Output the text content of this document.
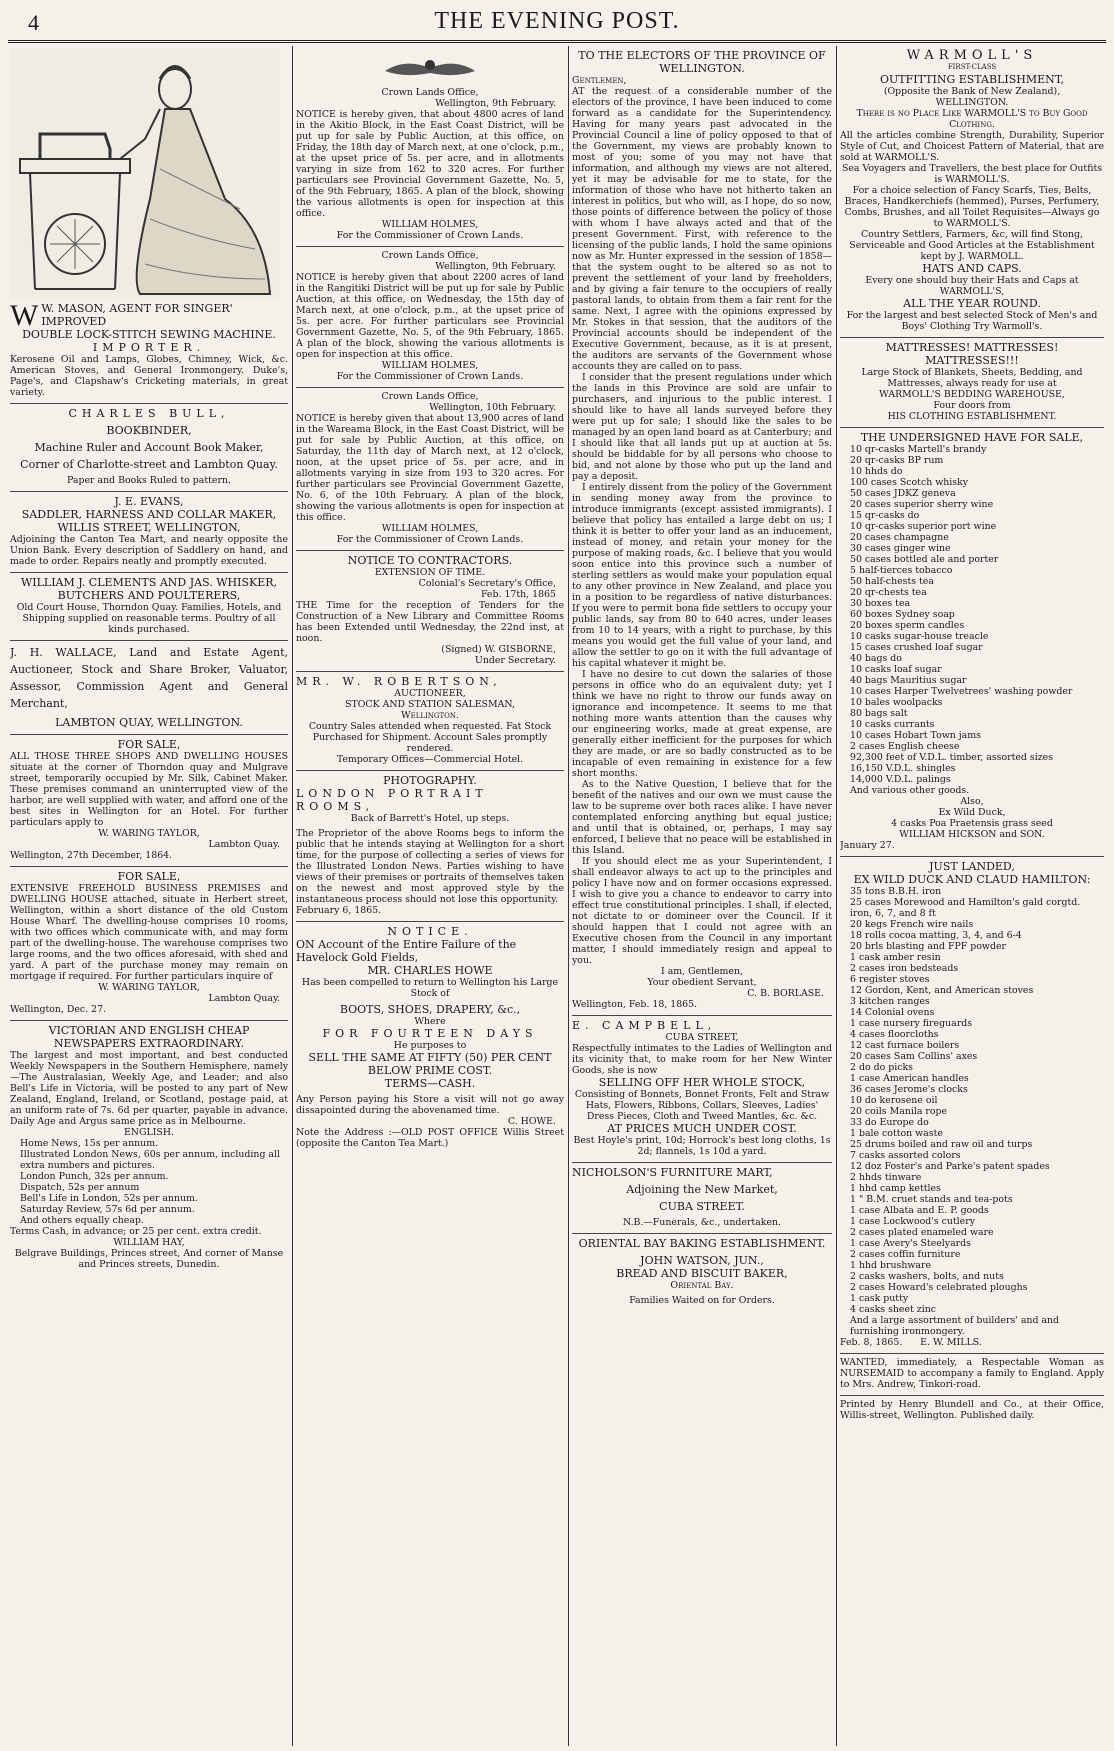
4	THE EVENING POST.
W W. MASON, AGENT FOR SINGER' IMPROVED
DOUBLE LOCK-STITCH SEWING MACHINE.
IMPORTER.

Kerosene Oil and Lamps, Globes, Chimney, Wick, &c. American Stoves, and General Ironmongery. Duke's, Page's, and Clapshaw's Cricketing materials, in great variety.

CHARLES BULL,
BOOKBINDER,
Machine Ruler and Account Book Maker,
Corner of Charlotte-street and Lambton Quay.
Paper and Books Ruled to pattern.
J. E. EVANS,
SADDLER, HARNESS AND COLLAR MAKER,
WILLIS STREET, WELLINGTON,

Adjoining the Canton Tea Mart, and nearly opposite the Union Bank. Every description of Saddlery on hand, and made to order. Repairs neatly and promptly executed.

WILLIAM J. CLEMENTS AND JAS. WHISKER,
BUTCHERS AND POULTERERS,

Old Court House, Thorndon Quay. Families, Hotels, and Shipping supplied on reasonable terms. Poultry of all kinds purchased.

J. H. WALLACE, Land and Estate Agent, Auctioneer, Stock and Share Broker, Valuator, Assessor, Commission Agent and General Merchant,

LAMBTON QUAY, WELLINGTON.
FOR SALE,

ALL THOSE THREE SHOPS AND DWELLING HOUSES situate at the corner of Thorndon quay and Mulgrave street, temporarily occupied by Mr. Silk, Cabinet Maker. These premises command an uninterrupted view of the harbor, are well supplied with water, and afford one of the best sites in Wellington for an Hotel. For further particulars apply to

W. WARING TAYLOR,
Lambton Quay.
Wellington, 27th December, 1864.
FOR SALE,

EXTENSIVE FREEHOLD BUSINESS PREMISES and DWELLING HOUSE attached, situate in Herbert street, Wellington, within a short distance of the old Custom House Wharf. The dwelling-house comprises 10 rooms, with two offices which communicate with, and may form part of the dwelling-house. The warehouse comprises two large rooms, and the two offices aforesaid, with shed and yard. A part of the purchase money may remain on mortgage if required. For further particulars inquire of

W. WARING TAYLOR,
Lambton Quay.
Wellington, Dec. 27.
VICTORIAN AND ENGLISH CHEAP NEWSPAPERS EXTRAORDINARY.

The largest and most important, and best conducted Weekly Newspapers in the Southern Hemisphere, namely—The Australasian, Weekly Age, and Leader; and also Bell's Life in Victoria, will be posted to any part of New Zealand, England, Ireland, or Scotland, postage paid, at an uniform rate of 7s. 6d per quarter, payable in advance. Daily Age and Argus same price as in Melbourne.

ENGLISH.
Home News, 15s per annum.
Illustrated London News, 60s per annum, including all extra numbers and pictures.
London Punch, 32s per annum.
Dispatch, 52s per annum
Bell's Life in London, 52s per annum.
Saturday Review, 57s 6d per annum.
And others equally cheap.

Terms Cash, in advance; or 25 per cent. extra credit.

WILLIAM HAY,
Belgrave Buildings, Princes street, And corner of Manse and Princes streets, Dunedin.
Crown Lands Office,
Wellington, 9th February.

NOTICE is hereby given, that about 4800 acres of land in the Akitio Block, in the East Coast District, will be put up for sale by Public Auction, at this office, on Friday, the 18th day of March next, at one o'clock, p.m., at the upset price of 5s. per acre, and in allotments varying in size from 162 to 320 acres. For further particulars see Provincial Government Gazette, No. 5, of the 9th February, 1865. A plan of the block, showing the various allotments is open for inspection at this office.

WILLIAM HOLMES,
For the Commissioner of Crown Lands.
Crown Lands Office,
Wellington, 9th February.

NOTICE is hereby given that about 2200 acres of land in the Rangitiki District will be put up for sale by Public Auction, at this office, on Wednesday, the 15th day of March next, at one o'clock, p.m., at the upset price of 5s. per acre. For further particulars see Provincial Government Gazette, No. 5, of the 9th February, 1865. A plan of the block, showing the various allotments is open for inspection at this office.

WILLIAM HOLMES,
For the Commissioner of Crown Lands.
Crown Lands Office,
Wellington, 10th February.

NOTICE is hereby given that about 13,900 acres of land in the Wareama Block, in the East Coast District, will be put for sale by Public Auction, at this office, on Saturday, the 11th day of March next, at 12 o'clock, noon, at the upset price of 5s. per acre, and in allotments varying in size from 193 to 320 acres. For further particulars see Provincial Government Gazette, No. 6, of the 10th February. A plan of the block, showing the various allotments is open for inspection at this office.

WILLIAM HOLMES,
For the Commissioner of Crown Lands.
NOTICE TO CONTRACTORS.
EXTENSION OF TIME.
Colonial's Secretary's Office,
Feb. 17th, 1865

THE Time for the reception of Tenders for the Construction of a New Library and Committee Rooms has been Extended until Wednesday, the 22nd inst, at noon.

(Signed) W. GISBORNE,
Under Secretary.
MR. W. ROBERTSON,
AUCTIONEER,
STOCK AND STATION SALESMAN,
Wellington.

Country Sales attended when requested. Fat Stock Purchased for Shipment. Account Sales promptly rendered.

Temporary Offices—Commercial Hotel.
PHOTOGRAPHY.
LONDON PORTRAIT ROOMS,
Back of Barrett's Hotel, up steps.

The Proprietor of the above Rooms begs to inform the public that he intends staying at Wellington for a short time, for the purpose of collecting a series of views for the Illustrated London News. Parties wishing to have views of their premises or portraits of themselves taken on the newest and most approved style by the instantaneous process should not lose this opportunity.

February 6, 1865.
NOTICE.

ON Account of the Entire Failure of the Havelock Gold Fields,

MR. CHARLES HOWE
Has been compelled to return to Wellington his Large Stock of
BOOTS, SHOES, DRAPERY, &c.,
Where
FOR FOURTEEN DAYS
He purposes to
SELL THE SAME AT FIFTY (50) PER CENT BELOW PRIME COST.
TERMS—CASH.

Any Person paying his Store a visit will not go away dissapointed during the abovenamed time.

C. HOWE.

Note the Address :—OLD POST OFFICE Willis Street (opposite the Canton Tea Mart.)

TO THE ELECTORS OF THE PROVINCE OF WELLINGTON.
Gentlemen,

AT the request of a considerable number of the electors of the province, I have been induced to come forward as a candidate for the Superintendency. Having for many years past advocated in the Provincial Council a line of policy opposed to that of the Government, my views are probably known to most of you; some of you may not have that information, and although my views are not altered, yet it may be advisable for me to state, for the information of those who have not hitherto taken an interest in politics, but who will, as I hope, do so now, those points of difference between the policy of those with whom I have always acted and that of the present Government. First, with reference to the licensing of the public lands, I hold the same opinions now as Mr. Hunter expressed in the session of 1858—that the system ought to be altered so as not to prevent the settlement of your land by freeholders, and by giving a fair tenure to the occupiers of really pastoral lands, to obtain from them a fair rent for the same. Next, I agree with the opinions expressed by Mr. Stokes in that session, that the auditors of the Provincial accounts should be independent of the Executive Government, because, as it is at present, the auditors are servants of the Government whose accounts they are called on to pass.

I consider that the present regulations under which the lands in this Province are sold are unfair to purchasers, and injurious to the public interest. I should like to have all lands surveyed before they were put up for sale; I should like the sales to be managed by an open land board as at Canterbury; and I should like that all lands put up at auction at 5s. should be biddable for by all persons who choose to bid, and not alone by those who put up the land and pay a deposit.

I entirely dissent from the policy of the Government in sending money away from the province to introduce immigrants (except assisted immigrants). I believe that policy has entailed a large debt on us; I think it is better to offer your land as an inducement, instead of money, and retain your money for the purpose of making roads, &c. I believe that you would soon entice into this province such a number of sterling settlers as would make your population equal to any other province in New Zealand, and place you in a position to be regardless of native disturbances. If you were to permit bona fide settlers to occupy your public lands, say from 80 to 640 acres, under leases from 10 to 14 years, with a right to purchase, by this means you would get the full value of your land, and allow the settler to go on it with the full advantage of his capital whatever it might be.

I have no desire to cut down the salaries of those persons in office who do an equivalent duty; yet I think we have no right to throw our funds away on ignorance and incompetence. It seems to me that nothing more wants attention than the causes why our engineering works, made at great expense, are generally either inefficient for the purposes for which they are made, or are so badly constructed as to be incapable of even remaining in existence for a few short months.

As to the Native Question, I believe that for the benefit of the natives and our own we must cause the law to be supreme over both races alike. I have never contemplated enforcing anything but equal justice; and until that is obtained, or, perhaps, I may say enforced, I believe that no peace will be established in this Island.

If you should elect me as your Superintendent, I shall endeavor always to act up to the principles and policy I have now and on former occasions expressed. I wish to give you a chance to endeavor to carry into effect true constitutional principles. I shall, if elected, not dictate to or domineer over the Council. If it should happen that I could not agree with an Executive chosen from the Council in any important matter, I should immediately resign and appeal to you.

I am, Gentlemen,
Your obedient Servant,
C. B. BORLASE.
Wellington, Feb. 18, 1865.
E. CAMPBELL,
CUBA STREET,

Respectfully intimates to the Ladies of Wellington and its vicinity that, to make room for her New Winter Goods, she is now

SELLING OFF HER WHOLE STOCK,

Consisting of Bonnets, Bonnet Fronts, Felt and Straw Hats, Flowers, Ribbons, Collars, Sleeves, Ladies' Dress Pieces, Cloth and Tweed Mantles, &c. &c.

AT PRICES MUCH UNDER COST.

Best Hoyle's print, 10d; Horrock's best long cloths, 1s 2d; flannels, 1s 10d a yard.

NICHOLSON'S FURNITURE MART,
Adjoining the New Market,
CUBA STREET.
N.B.—Funerals, &c., undertaken.
ORIENTAL BAY BAKING ESTABLISHMENT.
JOHN WATSON, JUN.,
BREAD AND BISCUIT BAKER,
Oriental Bay.
Families Waited on for Orders.
WARMOLL'S
FIRST-CLASS
OUTFITTING ESTABLISHMENT,
(Opposite the Bank of New Zealand),
WELLINGTON.
There is no Place Like WARMOLL'S to Buy Good Clothing.

All the articles combine Strength, Durability, Superior Style of Cut, and Choicest Pattern of Material, that are sold at WARMOLL'S.

Sea Voyagers and Travellers, the best place for Outfits is WARMOLL'S.

For a choice selection of Fancy Scarfs, Ties, Belts, Braces, Handkerchiefs (hemmed), Purses, Perfumery, Combs, Brushes, and all Toilet Requisites—Always go to WARMOLL'S.

Country Settlers, Farmers, &c, will find Stong, Serviceable and Good Articles at the Establishment kept by J. WARMOLL.

HATS AND CAPS.

Every one should buy their Hats and Caps at WARMOLL'S,

ALL THE YEAR ROUND.

For the largest and best selected Stock of Men's and Boys' Clothing Try Warmoll's.

MATTRESSES! MATTRESSES! MATTRESSES!!!

Large Stock of Blankets, Sheets, Bedding, and Mattresses, always ready for use at

WARMOLL'S BEDDING WAREHOUSE,
Four doors from
HIS CLOTHING ESTABLISHMENT.
THE UNDERSIGNED HAVE FOR SALE,
10 qr-casks Martell's brandy
20 qr-casks BP rum
10 hhds do
100 cases Scotch whisky
50 cases JDKZ geneva
20 cases superior sherry wine
15 qr-casks do
10 qr-casks superior port wine
20 cases champagne
30 cases ginger wine
50 cases bottled ale and porter
5 half-tierces tobacco
50 half-chests tea
20 qr-chests tea
30 boxes tea
60 boxes Sydney soap
20 boxes sperm candles
10 casks sugar-house treacle
15 cases crushed loaf sugar
40 bags do
10 casks loaf sugar
40 bags Mauritius sugar
10 cases Harper Twelvetrees' washing powder
10 bales woolpacks
80 bags salt
10 casks currants
10 cases Hobart Town jams
2 cases English cheese
92,300 feet of V.D.L. timber, assorted sizes
16,150 V.D.L. shingles
14,000 V.D.L. palings
And various other goods.
Also,
Ex Wild Duck,
4 casks Poa Praetensis grass seed
WILLIAM HICKSON and SON.
January 27.
JUST LANDED,
EX WILD DUCK AND CLAUD HAMILTON:
35 tons B.B.H. iron
25 cases Morewood and Hamilton's gald corgtd. iron, 6, 7, and 8 ft
20 kegs French wire nails
18 rolls cocoa matting, 3, 4, and 6-4
20 brls blasting and FPF powder
1 cask amber resin
2 cases iron bedsteads
6 register stoves
12 Gordon, Kent, and American stoves
3 kitchen ranges
14 Colonial ovens
1 case nursery fireguards
4 cases floorcloths
12 cast furnace boilers
20 cases Sam Collins' axes
2 do do picks
1 case American handles
36 cases Jerome's clocks
10 do kerosene oil
20 coils Manila rope
33 do Europe do
1 bale cotton waste
25 drums boiled and raw oil and turps
7 casks assorted colors
12 doz Foster's and Parke's patent spades
2 hhds tinware
1 hhd camp kettles
1 " B.M. cruet stands and tea-pots
1 case Albata and E. P. goods
1 case Lockwood's cutlery
2 cases plated enameled ware
1 case Avery's Steelyards
2 cases coffin furniture
1 hhd brushware
2 casks washers, bolts, and nuts
2 cases Howard's celebrated ploughs
1 cask putty
4 casks sheet zinc
And a large assortment of builders' and and furnishing ironmongery.
Feb. 8, 1865. E. W. MILLS.

WANTED, immediately, a Respectable Woman as NURSEMAID to accompany a family to England. Apply to Mrs. Andrew, Tinkori-road.

Printed by Henry Blundell and Co., at their Office, Willis-street, Wellington. Published daily.
